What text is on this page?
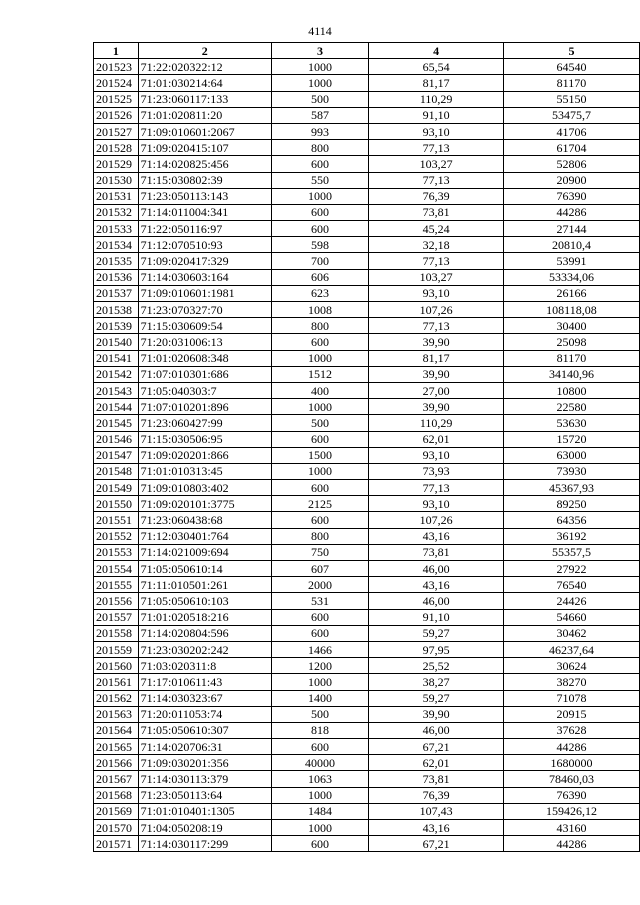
4114
1	2	3	4	5
201523	71:22:020322:12	1000	65,54	64540
201524	71:01:030214:64	1000	81,17	81170
201525	71:23:060117:133	500	110,29	55150
201526	71:01:020811:20	587	91,10	53475,7
201527	71:09:010601:2067	993	93,10	41706
201528	71:09:020415:107	800	77,13	61704
201529	71:14:020825:456	600	103,27	52806
201530	71:15:030802:39	550	77,13	20900
201531	71:23:050113:143	1000	76,39	76390
201532	71:14:011004:341	600	73,81	44286
201533	71:22:050116:97	600	45,24	27144
201534	71:12:070510:93	598	32,18	20810,4
201535	71:09:020417:329	700	77,13	53991
201536	71:14:030603:164	606	103,27	53334,06
201537	71:09:010601:1981	623	93,10	26166
201538	71:23:070327:70	1008	107,26	108118,08
201539	71:15:030609:54	800	77,13	30400
201540	71:20:031006:13	600	39,90	25098
201541	71:01:020608:348	1000	81,17	81170
201542	71:07:010301:686	1512	39,90	34140,96
201543	71:05:040303:7	400	27,00	10800
201544	71:07:010201:896	1000	39,90	22580
201545	71:23:060427:99	500	110,29	53630
201546	71:15:030506:95	600	62,01	15720
201547	71:09:020201:866	1500	93,10	63000
201548	71:01:010313:45	1000	73,93	73930
201549	71:09:010803:402	600	77,13	45367,93
201550	71:09:020101:3775	2125	93,10	89250
201551	71:23:060438:68	600	107,26	64356
201552	71:12:030401:764	800	43,16	36192
201553	71:14:021009:694	750	73,81	55357,5
201554	71:05:050610:14	607	46,00	27922
201555	71:11:010501:261	2000	43,16	76540
201556	71:05:050610:103	531	46,00	24426
201557	71:01:020518:216	600	91,10	54660
201558	71:14:020804:596	600	59,27	30462
201559	71:23:030202:242	1466	97,95	46237,64
201560	71:03:020311:8	1200	25,52	30624
201561	71:17:010611:43	1000	38,27	38270
201562	71:14:030323:67	1400	59,27	71078
201563	71:20:011053:74	500	39,90	20915
201564	71:05:050610:307	818	46,00	37628
201565	71:14:020706:31	600	67,21	44286
201566	71:09:030201:356	40000	62,01	1680000
201567	71:14:030113:379	1063	73,81	78460,03
201568	71:23:050113:64	1000	76,39	76390
201569	71:01:010401:1305	1484	107,43	159426,12
201570	71:04:050208:19	1000	43,16	43160
201571	71:14:030117:299	600	67,21	44286
